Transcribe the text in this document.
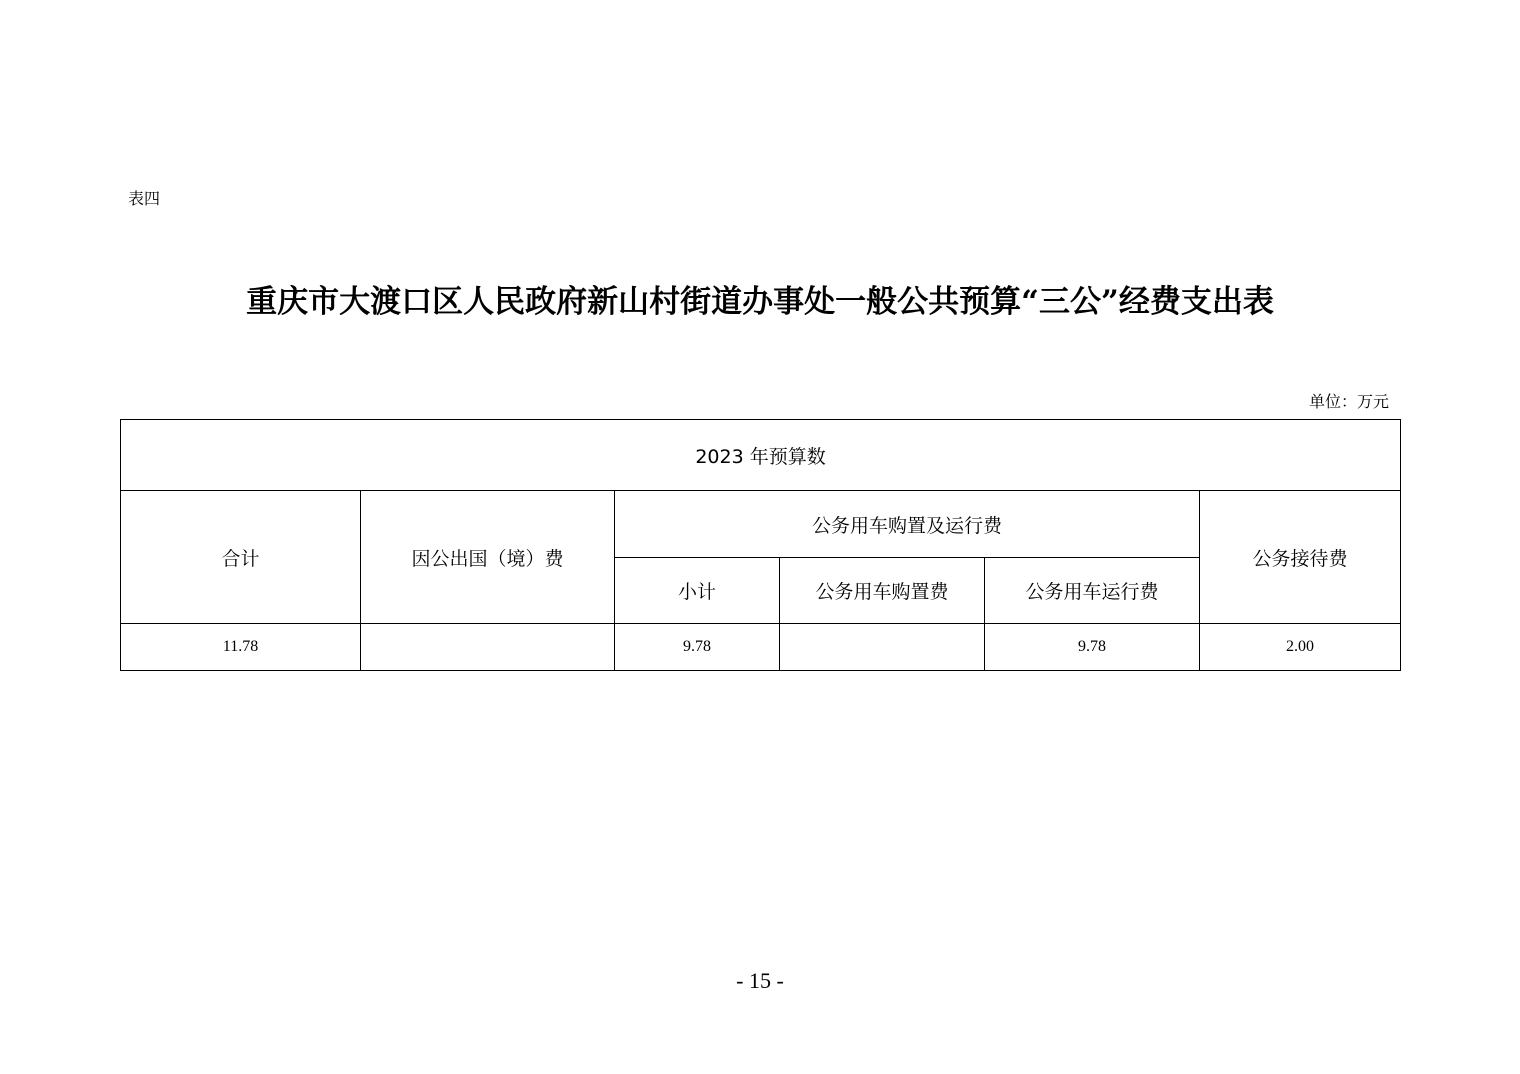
表四
重庆市大渡口区人民政府新山村街道办事处一般公共预算“三公”经费支出表
单位：万元
2023 年预算数					
合计	因公出国（境）费	公务用车购置及运行费			公务接待费
		小计	公务用车购置费	公务用车运行费	
11.78		9.78		9.78	2.00
- 15 -
